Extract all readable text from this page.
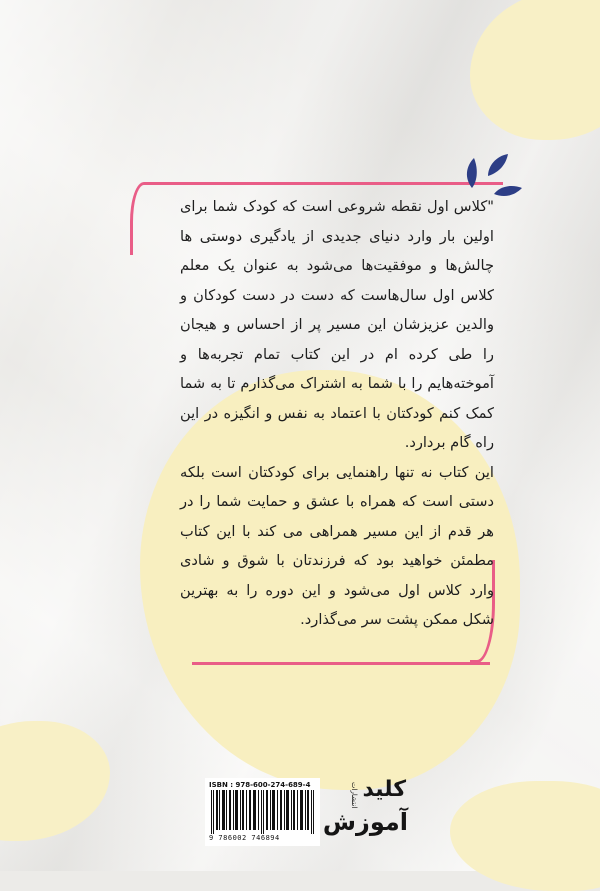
"کلاس اول نقطه شروعی است که کودک شما برای اولین بار وارد دنیای جدیدی از یادگیری دوستی ها چالش‌ها و موفقیت‌ها می‌شود به عنوان یک معلم کلاس اول سال‌هاست که دست در دست کودکان و والدین عزیزشان این مسیر پر از احساس و هیجان را طی کرده ام در این کتاب تمام تجربه‌ها و آموخته‌هایم را با شما به اشتراک می‌گذارم تا به شما کمک کنم کودکتان با اعتماد به نفس و انگیزه در این راه گام بردارد.

این کتاب نه تنها راهنمایی برای کودکتان است بلکه دستی است که همراه با عشق و حمایت شما را در هر قدم از این مسیر همراهی می کند با این کتاب مطمئن خواهید بود که فرزندتان با شوق و شادی وارد کلاس اول می‌شود و این دوره را به بهترین شکل ممکن پشت سر می‌گذارد.

ISBN : 978-600-274-689-4
9 786002 746894
انتشارات کلید
آموزش
